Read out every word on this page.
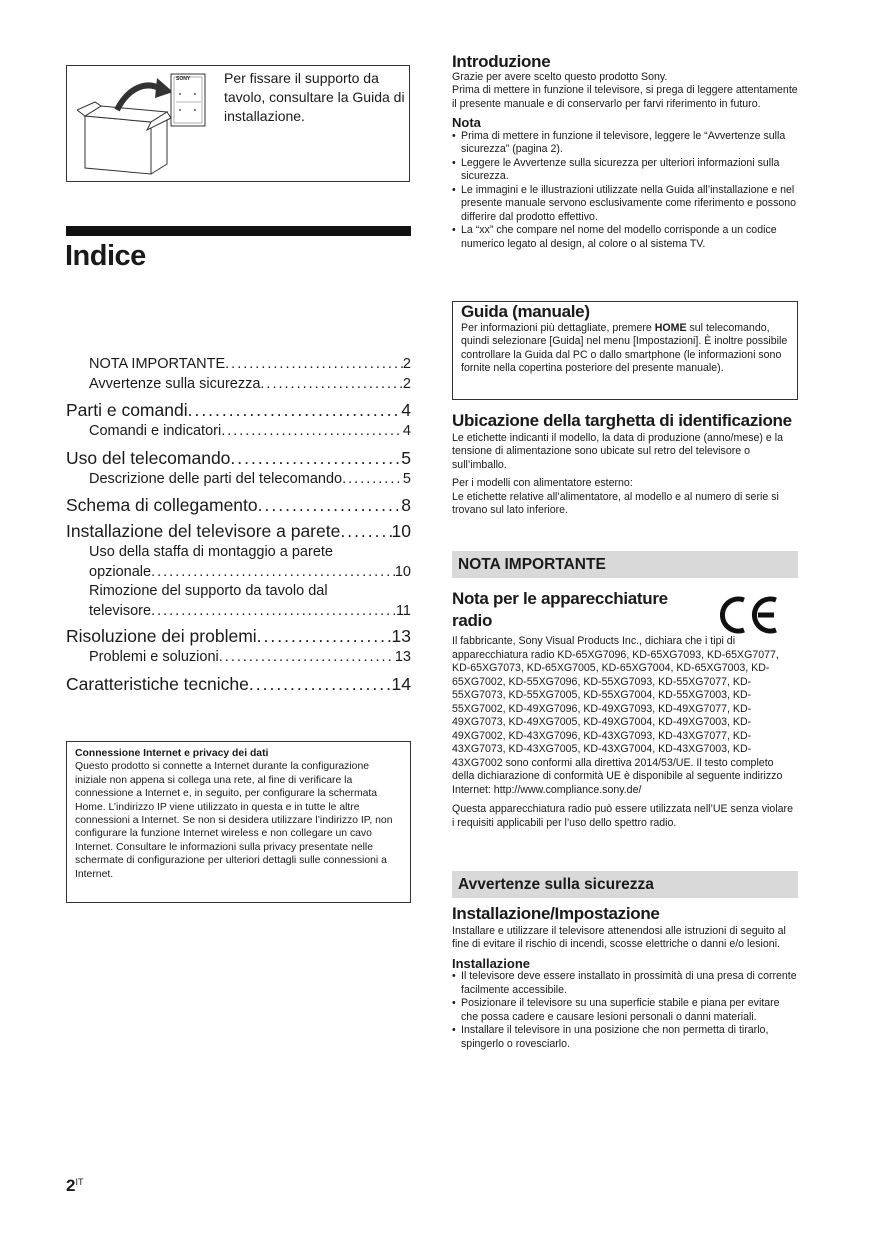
SONY Per fissare il supporto da tavolo, consultare la Guida di installazione.

Indice
NOTA IMPORTANTE .....	2
Avvertenze sulla sicurezza .....	2
Parti e comandi .....	4
Comandi e indicatori .....	4
Uso del telecomando .....	5
Descrizione delle parti del telecomando .....	5
Schema di collegamento .....	8
Installazione del televisore a parete .....	10
Uso della staffa di montaggio a parete
opzionale .....	10
Rimozione del supporto da tavolo dal
televisore .....	11
Risoluzione dei problemi .....	13
Problemi e soluzioni .....	13
Caratteristiche tecniche .....	14
Connessione Internet e privacy dei dati

Questo prodotto si connette a Internet durante la configurazione iniziale non appena si collega una rete, al fine di verificare la connessione a Internet e, in seguito, per configurare la schermata Home. L’indirizzo IP viene utilizzato in questa e in tutte le altre connessioni a Internet. Se non si desidera utilizzare l’indirizzo IP, non configurare la funzione Internet wireless e non collegare un cavo Internet. Consultare le informazioni sulla privacy presentate nelle schermate di configurazione per ulteriori dettagli sulle connessioni a Internet.

$2^{IT}$
Introduzione

Grazie per avere scelto questo prodotto Sony.

Prima di mettere in funzione il televisore, si prega di leggere attentamente il presente manuale e di conservarlo per farvi riferimento in futuro.

Nota
• Prima di mettere in funzione il televisore, leggere le “Avvertenze sulla sicurezza” (pagina 2).
• Leggere le Avvertenze sulla sicurezza per ulteriori informazioni sulla sicurezza.
• Le immagini e le illustrazioni utilizzate nella Guida all’installazione e nel presente manuale servono esclusivamente come riferimento e possono differire dal prodotto effettivo.
• La “xx” che compare nel nome del modello corrisponde a un codice numerico legato al design, al colore o al sistema TV.
Guida (manuale)

Per informazioni più dettagliate, premere HOME sul telecomando, quindi selezionare [Guida] nel menu [Impostazioni]. È inoltre possibile controllare la Guida dal PC o dallo smartphone (le informazioni sono fornite nella copertina posteriore del presente manuale).

Ubicazione della targhetta di identificazione

Le etichette indicanti il modello, la data di produzione (anno/mese) e la tensione di alimentazione sono ubicate sul retro del televisore o sull’imballo.

Per i modelli con alimentatore esterno:

Le etichette relative all’alimentatore, al modello e al numero di serie si trovano sul lato inferiore.

NOTA IMPORTANTE
Nota per le apparecchiature
radio

Il fabbricante, Sony Visual Products Inc., dichiara che i tipi di apparecchiatura radio KD-65XG7096, KD-65XG7093, KD-65XG7077, KD-65XG7073, KD-65XG7005, KD-65XG7004, KD-65XG7003, KD-65XG7002, KD-55XG7096, KD-55XG7093, KD-55XG7077, KD-55XG7073, KD-55XG7005, KD-55XG7004, KD-55XG7003, KD-55XG7002, KD-49XG7096, KD-49XG7093, KD-49XG7077, KD-49XG7073, KD-49XG7005, KD-49XG7004, KD-49XG7003, KD-49XG7002, KD-43XG7096, KD-43XG7093, KD-43XG7077, KD-43XG7073, KD-43XG7005, KD-43XG7004, KD-43XG7003, KD-43XG7002 sono conformi alla direttiva 2014/53/UE. Il testo completo della dichiarazione di conformità UE è disponibile al seguente indirizzo Internet: http://www.compliance.sony.de/

Questa apparecchiatura radio può essere utilizzata nell’UE senza violare i requisiti applicabili per l’uso dello spettro radio.

Avvertenze sulla sicurezza
Installazione/Impostazione

Installare e utilizzare il televisore attenendosi alle istruzioni di seguito al fine di evitare il rischio di incendi, scosse elettriche o danni e/o lesioni.

Installazione
• Il televisore deve essere installato in prossimità di una presa di corrente facilmente accessibile.
• Posizionare il televisore su una superficie stabile e piana per evitare che possa cadere e causare lesioni personali o danni materiali.
• Installare il televisore in una posizione che non permetta di tirarlo, spingerlo o rovesciarlo.
